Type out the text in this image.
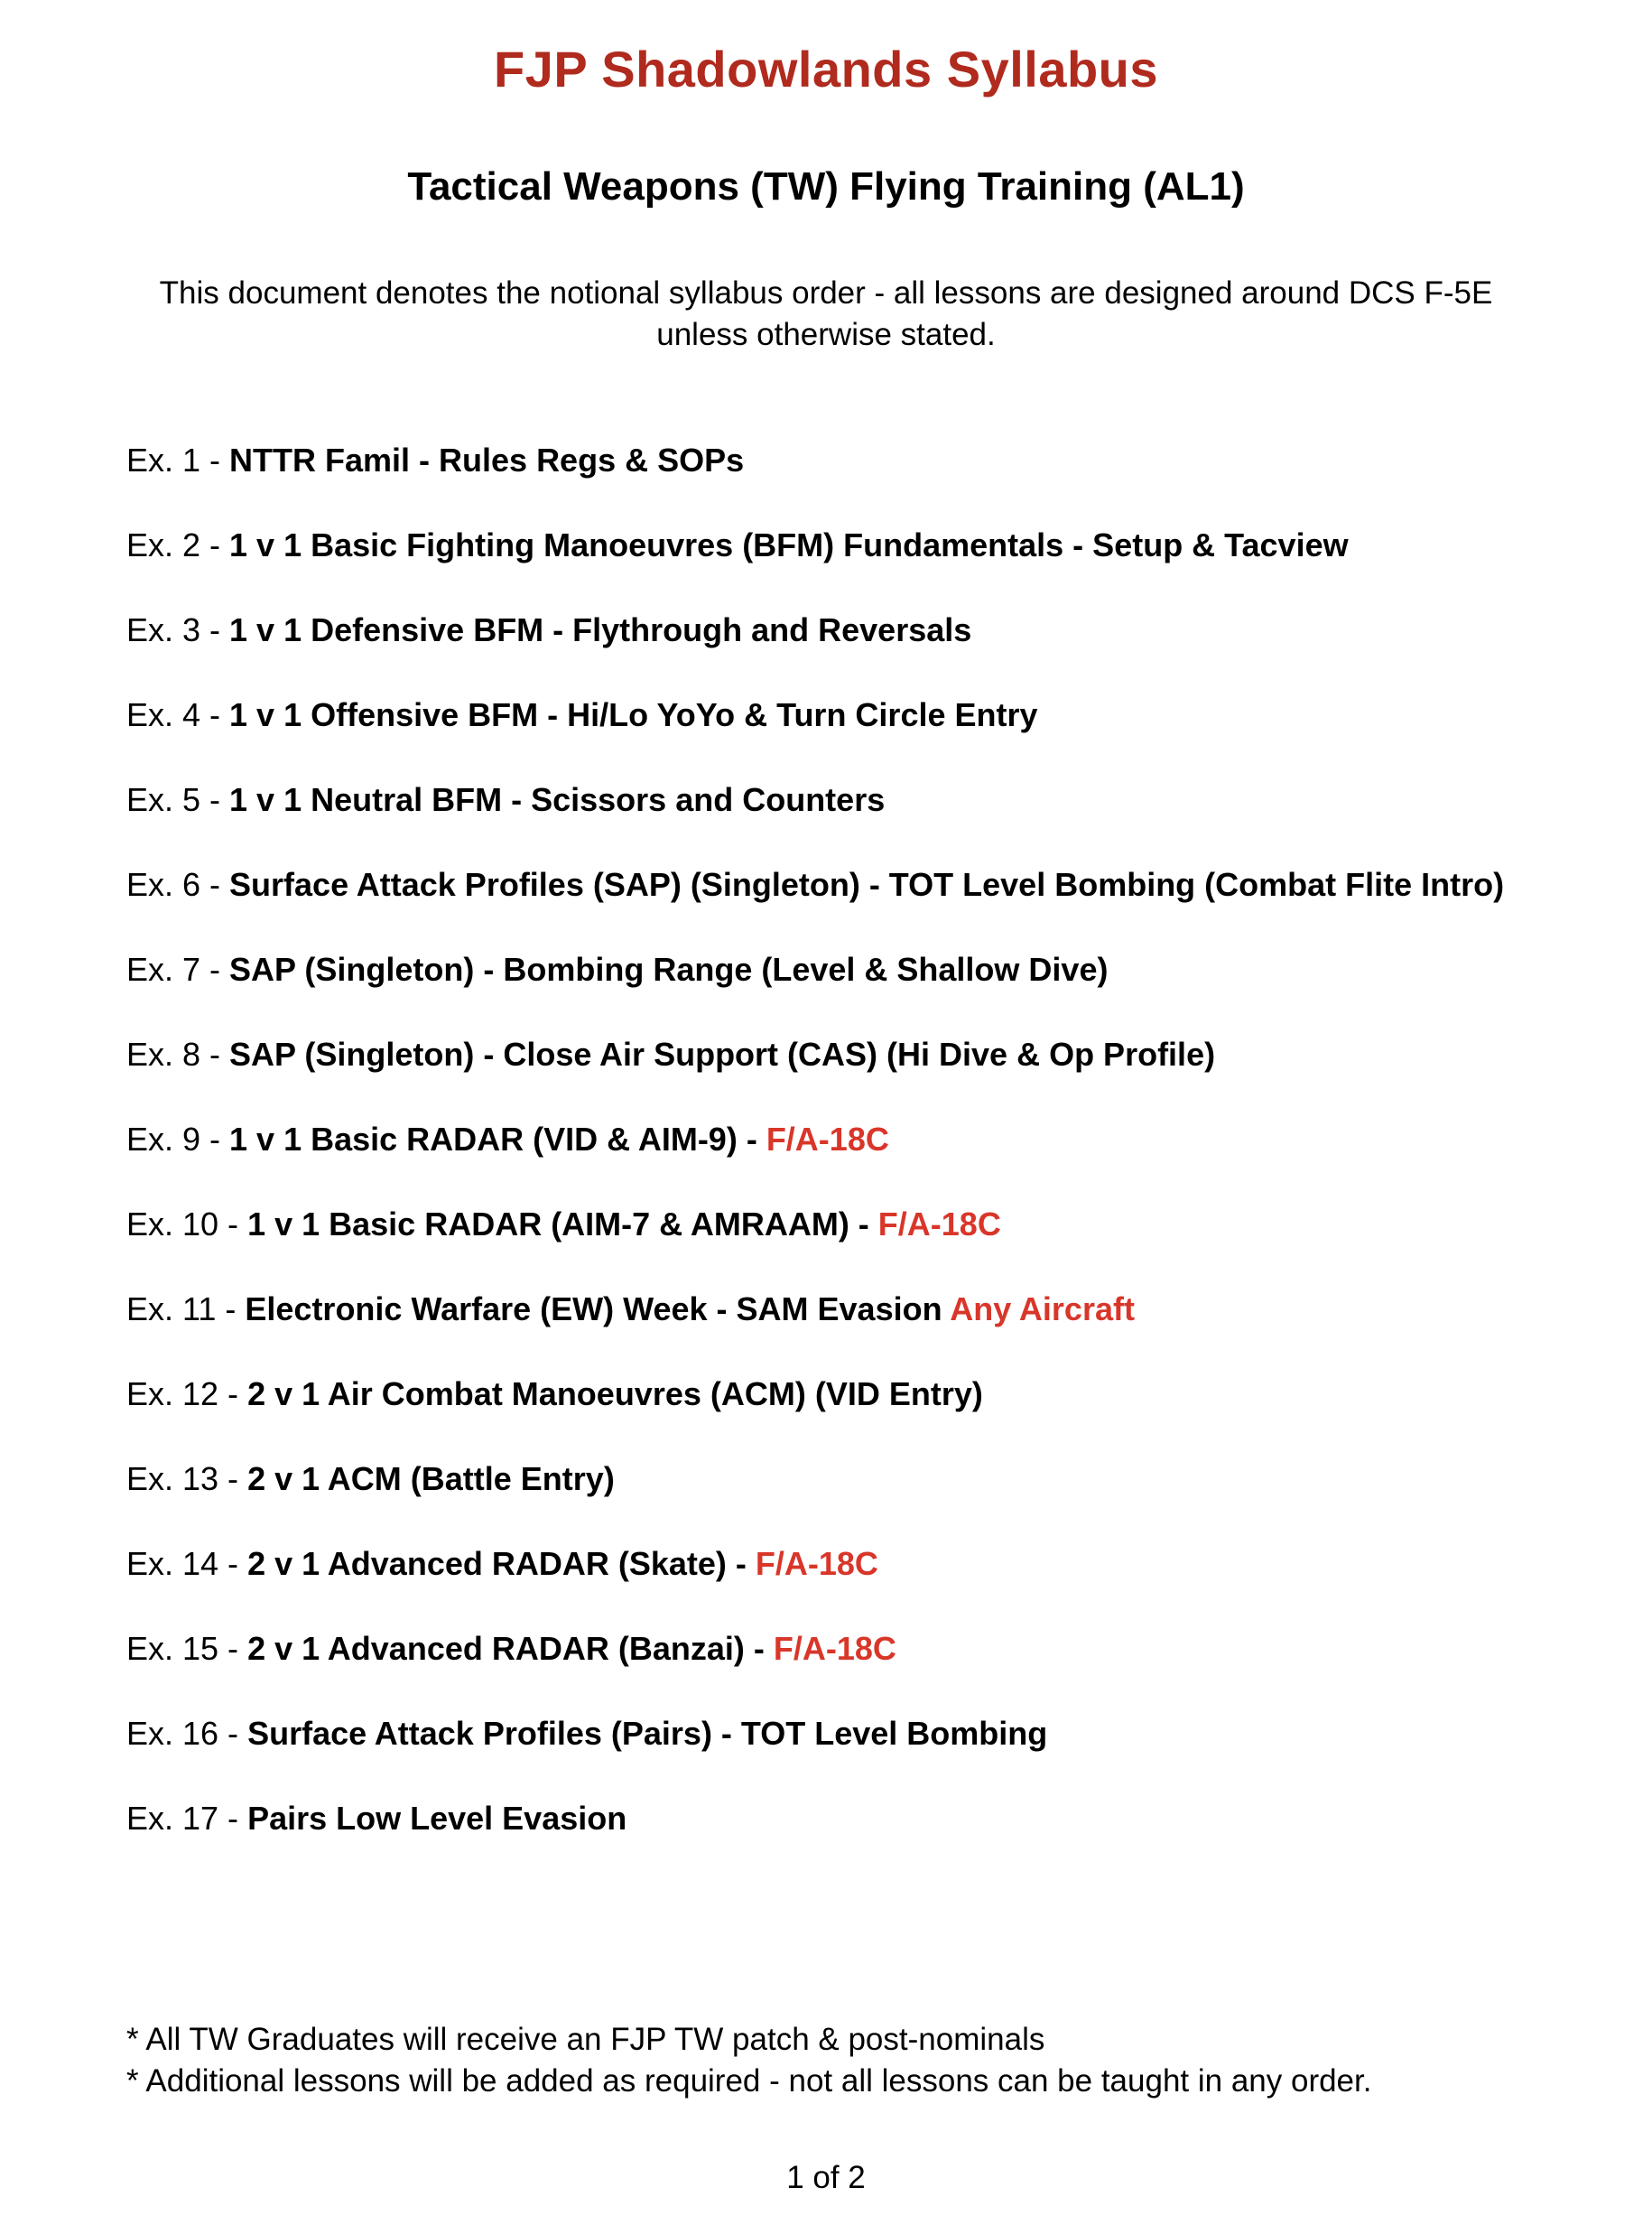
FJP Shadowlands Syllabus
Tactical Weapons (TW) Flying Training (AL1)
This document denotes the notional syllabus order - all lessons are designed around DCS F-5E unless otherwise stated.
Ex. 1 - NTTR Famil - Rules Regs & SOPs
Ex. 2 - 1 v 1 Basic Fighting Manoeuvres (BFM) Fundamentals - Setup & Tacview
Ex. 3 - 1 v 1 Defensive BFM - Flythrough and Reversals
Ex. 4 - 1 v 1 Offensive BFM - Hi/Lo YoYo & Turn Circle Entry
Ex. 5 - 1 v 1 Neutral BFM - Scissors and Counters
Ex. 6 - Surface Attack Profiles (SAP) (Singleton) - TOT Level Bombing (Combat Flite Intro)
Ex. 7 - SAP (Singleton) - Bombing Range (Level & Shallow Dive)
Ex. 8 - SAP (Singleton) - Close Air Support (CAS) (Hi Dive & Op Profile)
Ex. 9 - 1 v 1 Basic RADAR (VID & AIM-9) - F/A-18C
Ex. 10 - 1 v 1 Basic RADAR (AIM-7 & AMRAAM) - F/A-18C
Ex. 11 - Electronic Warfare (EW) Week - SAM Evasion Any Aircraft
Ex. 12 - 2 v 1 Air Combat Manoeuvres (ACM) (VID Entry)
Ex. 13 - 2 v 1 ACM (Battle Entry)
Ex. 14 - 2 v 1 Advanced RADAR (Skate) - F/A-18C
Ex. 15 - 2 v 1 Advanced RADAR (Banzai) - F/A-18C
Ex. 16 - Surface Attack Profiles (Pairs) - TOT Level Bombing
Ex. 17 - Pairs Low Level Evasion

* All TW Graduates will receive an FJP TW patch & post-nominals

* Additional lessons will be added as required - not all lessons can be taught in any order.

1 of 2
